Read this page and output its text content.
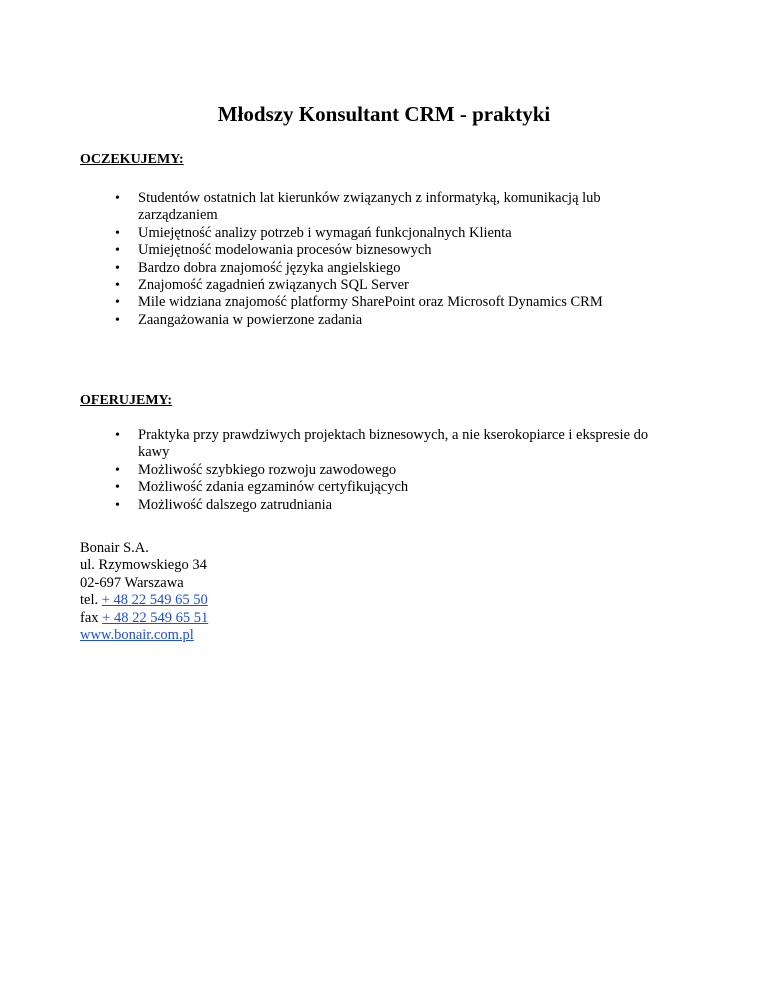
Młodszy Konsultant CRM - praktyki
OCZEKUJEMY:
• Studentów ostatnich lat kierunków związanych z informatyką, komunikacją lub zarządzaniem
• Umiejętność analizy potrzeb i wymagań funkcjonalnych Klienta
• Umiejętność modelowania procesów biznesowych
• Bardzo dobra znajomość języka angielskiego
• Znajomość zagadnień związanych SQL Server
• Mile widziana znajomość platformy SharePoint oraz Microsoft Dynamics CRM
• Zaangażowania w powierzone zadania
OFERUJEMY:
• Praktyka przy prawdziwych projektach biznesowych, a nie kserokopiarce i ekspresie do kawy
• Możliwość szybkiego rozwoju zawodowego
• Możliwość zdania egzaminów certyfikujących
• Możliwość dalszego zatrudniania
Bonair S.A.
ul. Rzymowskiego 34
02-697 Warszawa
tel. + 48 22 549 65 50
fax + 48 22 549 65 51
www.bonair.com.pl
